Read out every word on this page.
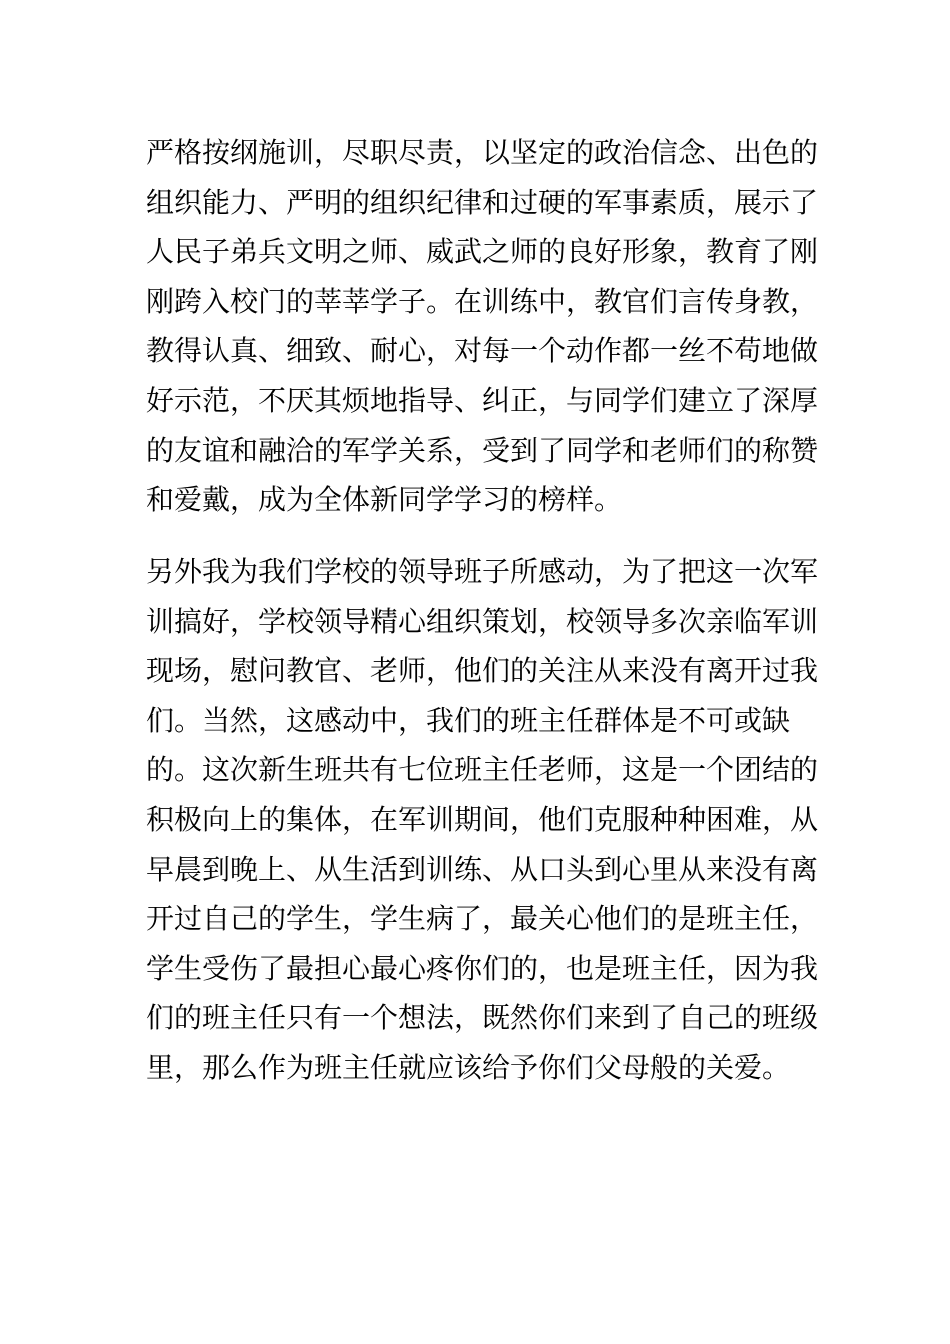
严格按纲施训，尽职尽责，以坚定的政治信念、出色的组织能力、严明的组织纪律和过硬的军事素质，展示了人民子弟兵文明之师、威武之师的良好形象，教育了刚刚跨入校门的莘莘学子。在训练中，教官们言传身教，教得认真、细致、耐心，对每一个动作都一丝不苟地做好示范，不厌其烦地指导、纠正，与同学们建立了深厚的友谊和融洽的军学关系，受到了同学和老师们的称赞和爱戴，成为全体新同学学习的榜样。

另外我为我们学校的领导班子所感动，为了把这一次军训搞好，学校领导精心组织策划，校领导多次亲临军训现场，慰问教官、老师，他们的关注从来没有离开过我们。当然，这感动中，我们的班主任群体是不可或缺的。这次新生班共有七位班主任老师，这是一个团结的积极向上的集体，在军训期间，他们克服种种困难，从早晨到晚上、从生活到训练、从口头到心里从来没有离开过自己的学生，学生病了，最关心他们的是班主任，学生受伤了最担心最心疼你们的，也是班主任，因为我们的班主任只有一个想法，既然你们来到了自己的班级里，那么作为班主任就应该给予你们父母般的关爱。
